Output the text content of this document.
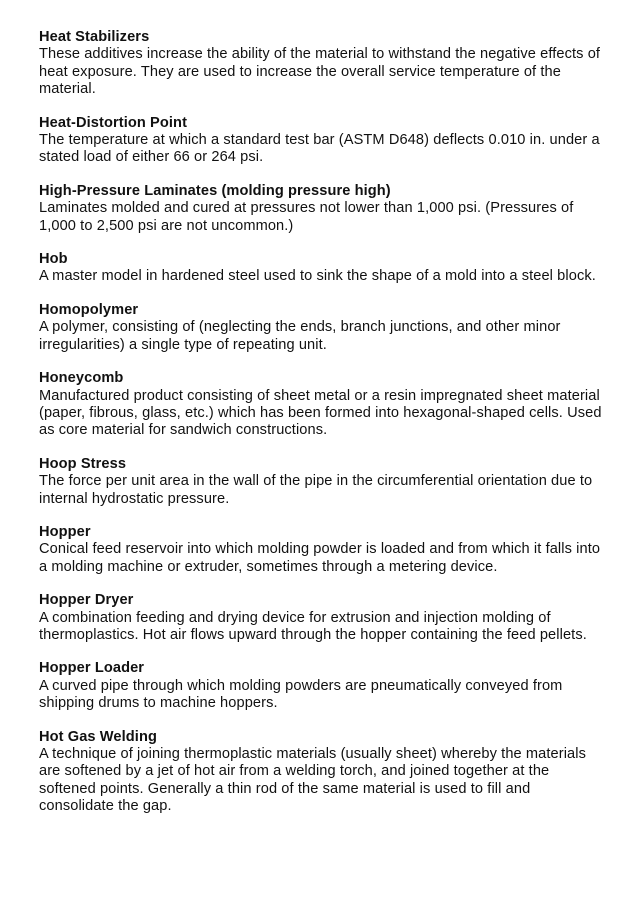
Heat Stabilizers
These additives increase the ability of the material to withstand the negative effects of heat exposure. They are used to increase the overall service temperature of the material.
Heat-Distortion Point
The temperature at which a standard test bar (ASTM D648) deflects 0.010 in. under a stated load of either 66 or 264 psi.
High-Pressure Laminates (molding pressure high)
Laminates molded and cured at pressures not lower than 1,000 psi. (Pressures of 1,000 to 2,500 psi are not uncommon.)
Hob
A master model in hardened steel used to sink the shape of a mold into a steel block.
Homopolymer
A polymer, consisting of (neglecting the ends, branch junctions, and other minor irregularities) a single type of repeating unit.
Honeycomb
Manufactured product consisting of sheet metal or a resin impregnated sheet material (paper, fibrous, glass, etc.) which has been formed into hexagonal-shaped cells. Used as core material for sandwich constructions.
Hoop Stress
The force per unit area in the wall of the pipe in the circumferential orientation due to internal hydrostatic pressure.
Hopper
Conical feed reservoir into which molding powder is loaded and from which it falls into a molding machine or extruder, sometimes through a metering device.
Hopper Dryer
A combination feeding and drying device for extrusion and injection molding of thermoplastics. Hot air flows upward through the hopper containing the feed pellets.
Hopper Loader
A curved pipe through which molding powders are pneumatically conveyed from shipping drums to machine hoppers.
Hot Gas Welding
A technique of joining thermoplastic materials (usually sheet) whereby the materials are softened by a jet of hot air from a welding torch, and joined together at the softened points. Generally a thin rod of the same material is used to fill and consolidate the gap.
